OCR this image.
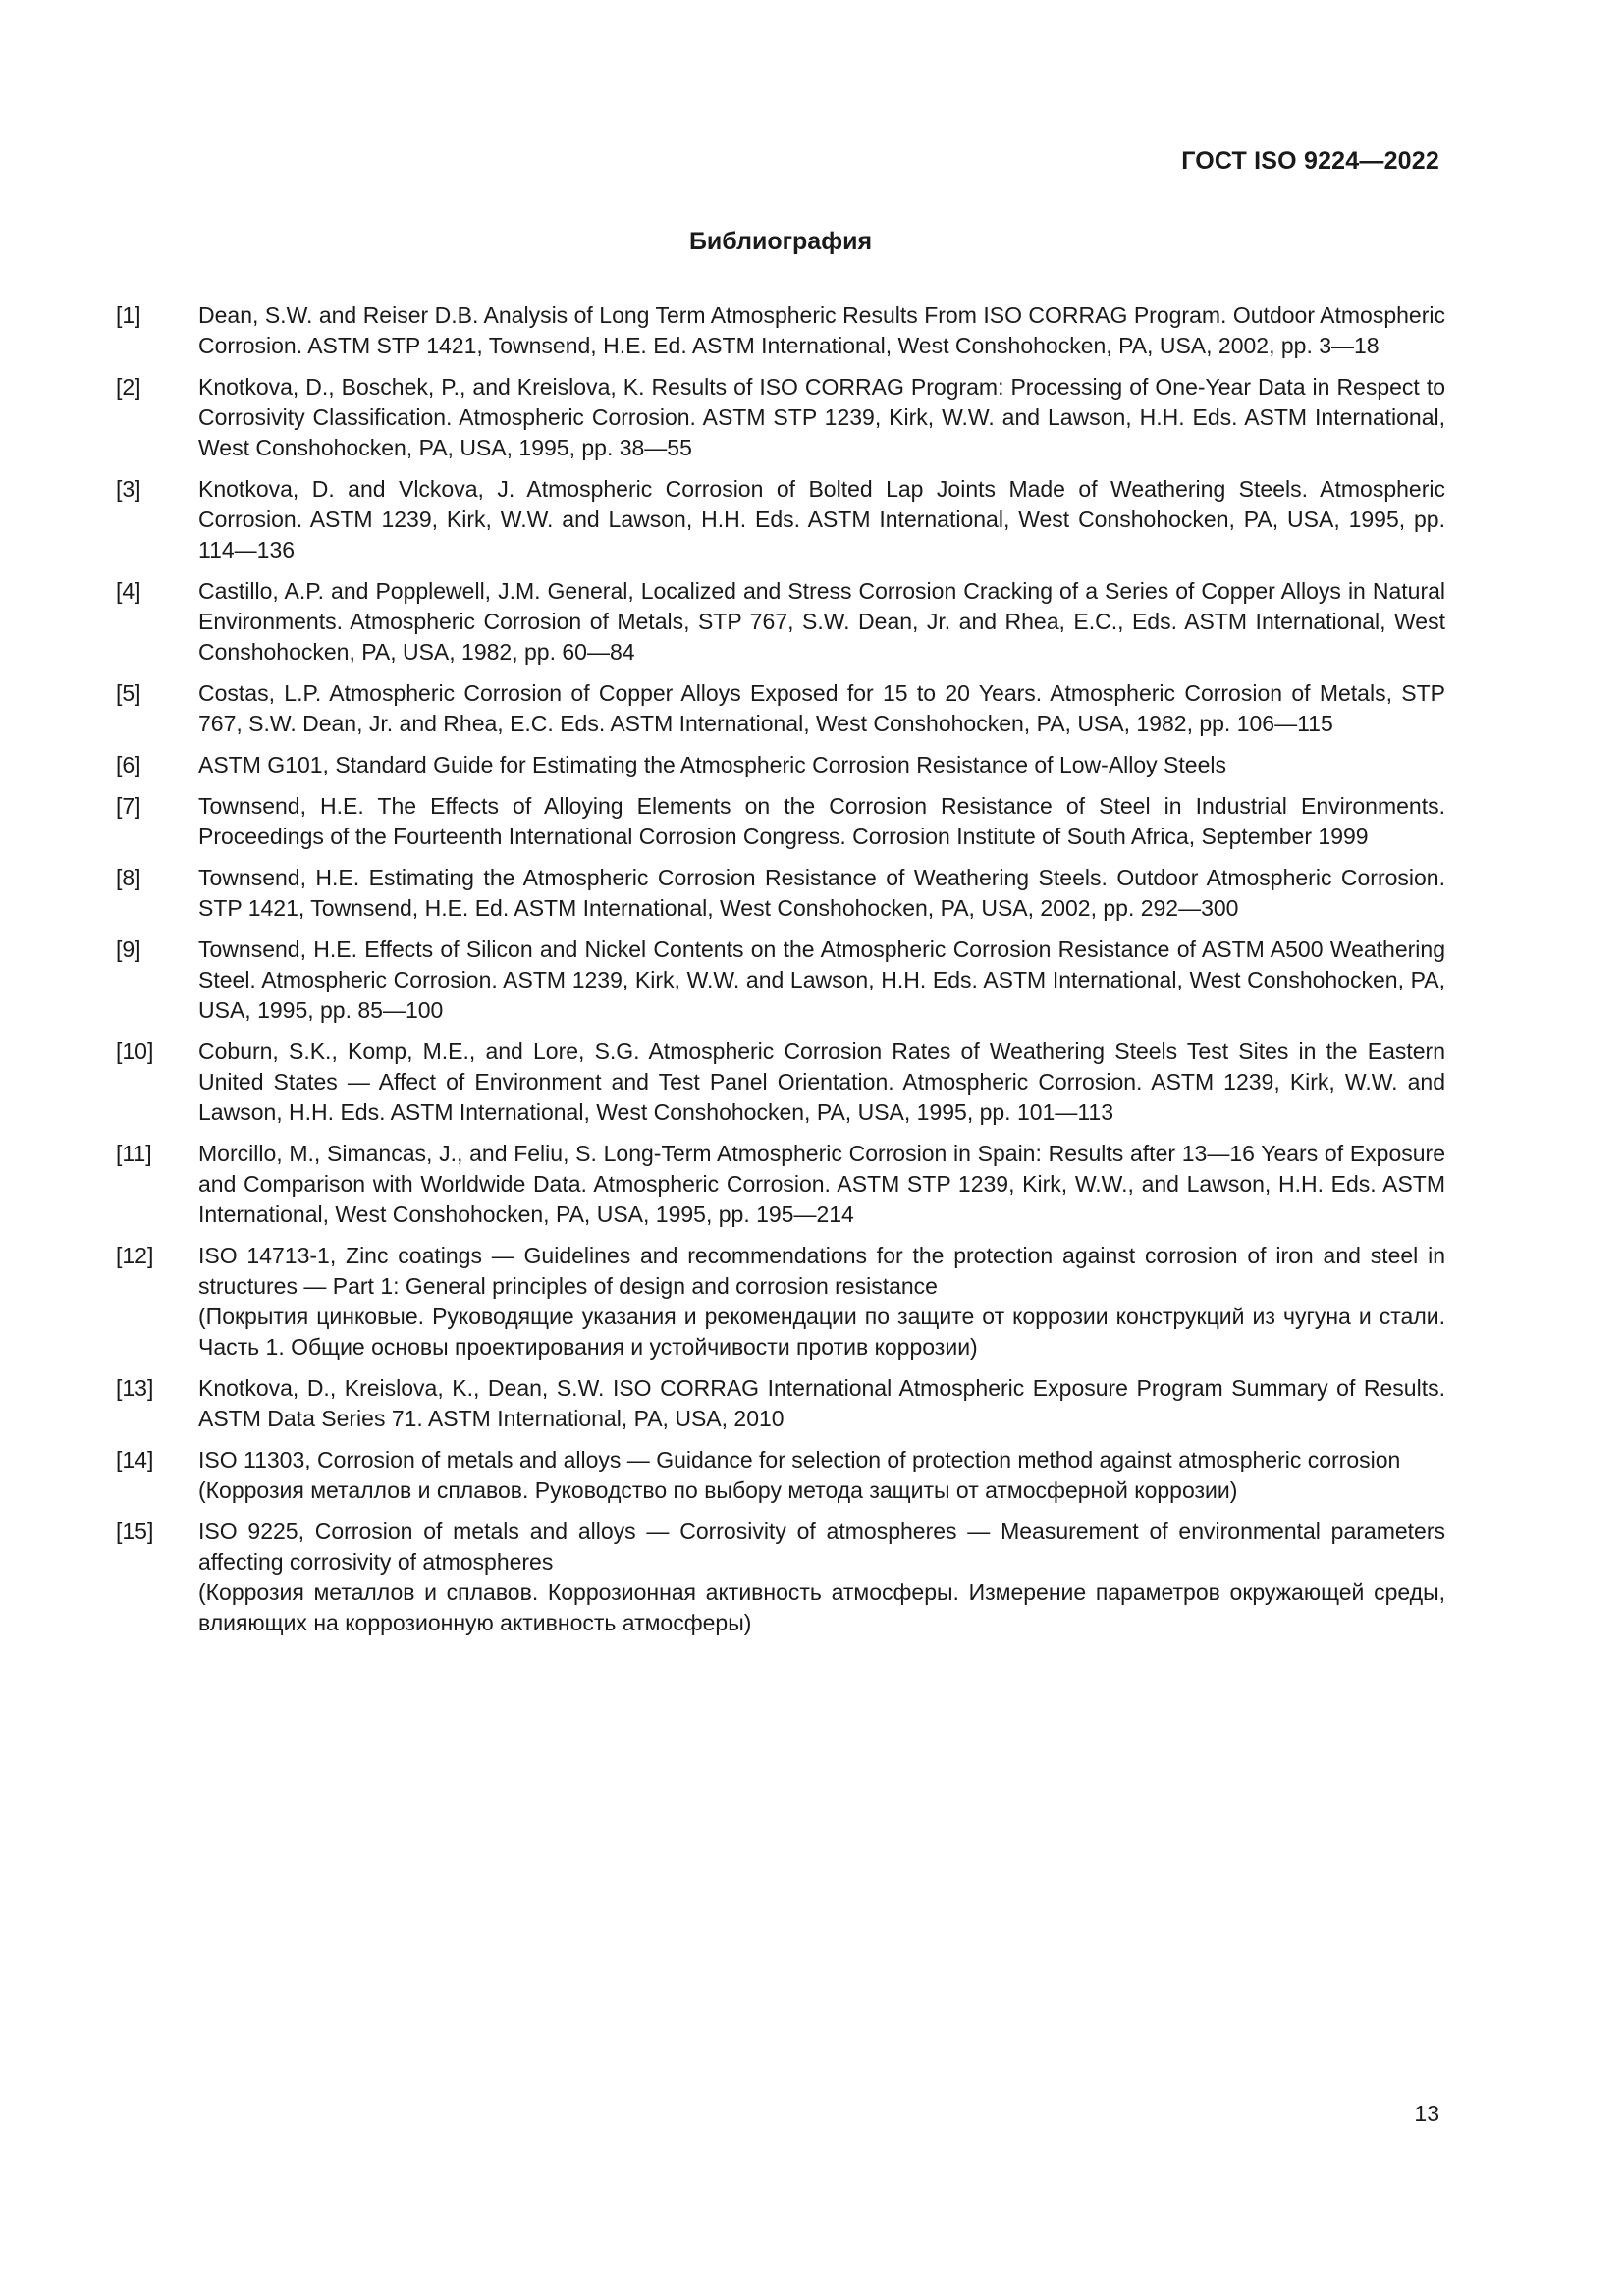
ГОСТ ISO 9224—2022
Библиография
[1]	Dean, S.W. and Reiser D.B. Analysis of Long Term Atmospheric Results From ISO CORRAG Program. Outdoor Atmospheric Corrosion. ASTM STP 1421, Townsend, H.E. Ed. ASTM International, West Conshohocken, PA, USA, 2002, pp. 3—18
[2]	Knotkova, D., Boschek, P., and Kreislova, K. Results of ISO CORRAG Program: Processing of One-Year Data in Respect to Corrosivity Classification. Atmospheric Corrosion. ASTM STP 1239, Kirk, W.W. and Lawson, H.H. Eds. ASTM International, West Conshohocken, PA, USA, 1995, pp. 38—55
[3]	Knotkova, D. and Vlckova, J. Atmospheric Corrosion of Bolted Lap Joints Made of Weathering Steels. Atmospheric Corrosion. ASTM 1239, Kirk, W.W. and Lawson, H.H. Eds. ASTM International, West Conshohocken, PA, USA, 1995, pp. 114—136
[4]	Castillo, A.P. and Popplewell, J.M. General, Localized and Stress Corrosion Cracking of a Series of Copper Alloys in Natural Environments. Atmospheric Corrosion of Metals, STP 767, S.W. Dean, Jr. and Rhea, E.C., Eds. ASTM International, West Conshohocken, PA, USA, 1982, pp. 60—84
[5]	Costas, L.P. Atmospheric Corrosion of Copper Alloys Exposed for 15 to 20 Years. Atmospheric Corrosion of Metals, STP 767, S.W. Dean, Jr. and Rhea, E.C. Eds. ASTM International, West Conshohocken, PA, USA, 1982, pp. 106—115
[6]	ASTM G101, Standard Guide for Estimating the Atmospheric Corrosion Resistance of Low-Alloy Steels
[7]	Townsend, H.E. The Effects of Alloying Elements on the Corrosion Resistance of Steel in Industrial Environments. Proceedings of the Fourteenth International Corrosion Congress. Corrosion Institute of South Africa, September 1999
[8]	Townsend, H.E. Estimating the Atmospheric Corrosion Resistance of Weathering Steels. Outdoor Atmospheric Corrosion. STP 1421, Townsend, H.E. Ed. ASTM International, West Conshohocken, PA, USA, 2002, pp. 292—300
[9]	Townsend, H.E. Effects of Silicon and Nickel Contents on the Atmospheric Corrosion Resistance of ASTM A500 Weathering Steel. Atmospheric Corrosion. ASTM 1239, Kirk, W.W. and Lawson, H.H. Eds. ASTM International, West Conshohocken, PA, USA, 1995, pp. 85—100
[10]	Coburn, S.K., Komp, M.E., and Lore, S.G. Atmospheric Corrosion Rates of Weathering Steels Test Sites in the Eastern United States — Affect of Environment and Test Panel Orientation. Atmospheric Corrosion. ASTM 1239, Kirk, W.W. and Lawson, H.H. Eds. ASTM International, West Conshohocken, PA, USA, 1995, pp. 101—113
[11]	Morcillo, M., Simancas, J., and Feliu, S. Long-Term Atmospheric Corrosion in Spain: Results after 13—16 Years of Exposure and Comparison with Worldwide Data. Atmospheric Corrosion. ASTM STP 1239, Kirk, W.W., and Lawson, H.H. Eds. ASTM International, West Conshohocken, PA, USA, 1995, pp. 195—214
[12]	ISO 14713-1, Zinc coatings — Guidelines and recommendations for the protection against corrosion of iron and steel in structures — Part 1: General principles of design and corrosion resistance
(Покрытия цинковые. Руководящие указания и рекомендации по защите от коррозии конструкций из чугуна и стали. Часть 1. Общие основы проектирования и устойчивости против коррозии)
[13]	Knotkova, D., Kreislova, K., Dean, S.W. ISO CORRAG International Atmospheric Exposure Program Summary of Results. ASTM Data Series 71. ASTM International, PA, USA, 2010
[14]	ISO 11303, Corrosion of metals and alloys — Guidance for selection of protection method against atmospheric corrosion
(Коррозия металлов и сплавов. Руководство по выбору метода защиты от атмосферной коррозии)
[15]	ISO 9225, Corrosion of metals and alloys — Corrosivity of atmospheres — Measurement of environmental parameters affecting corrosivity of atmospheres
(Коррозия металлов и сплавов. Коррозионная активность атмосферы. Измерение параметров окружающей среды, влияющих на коррозионную активность атмосферы)
13
